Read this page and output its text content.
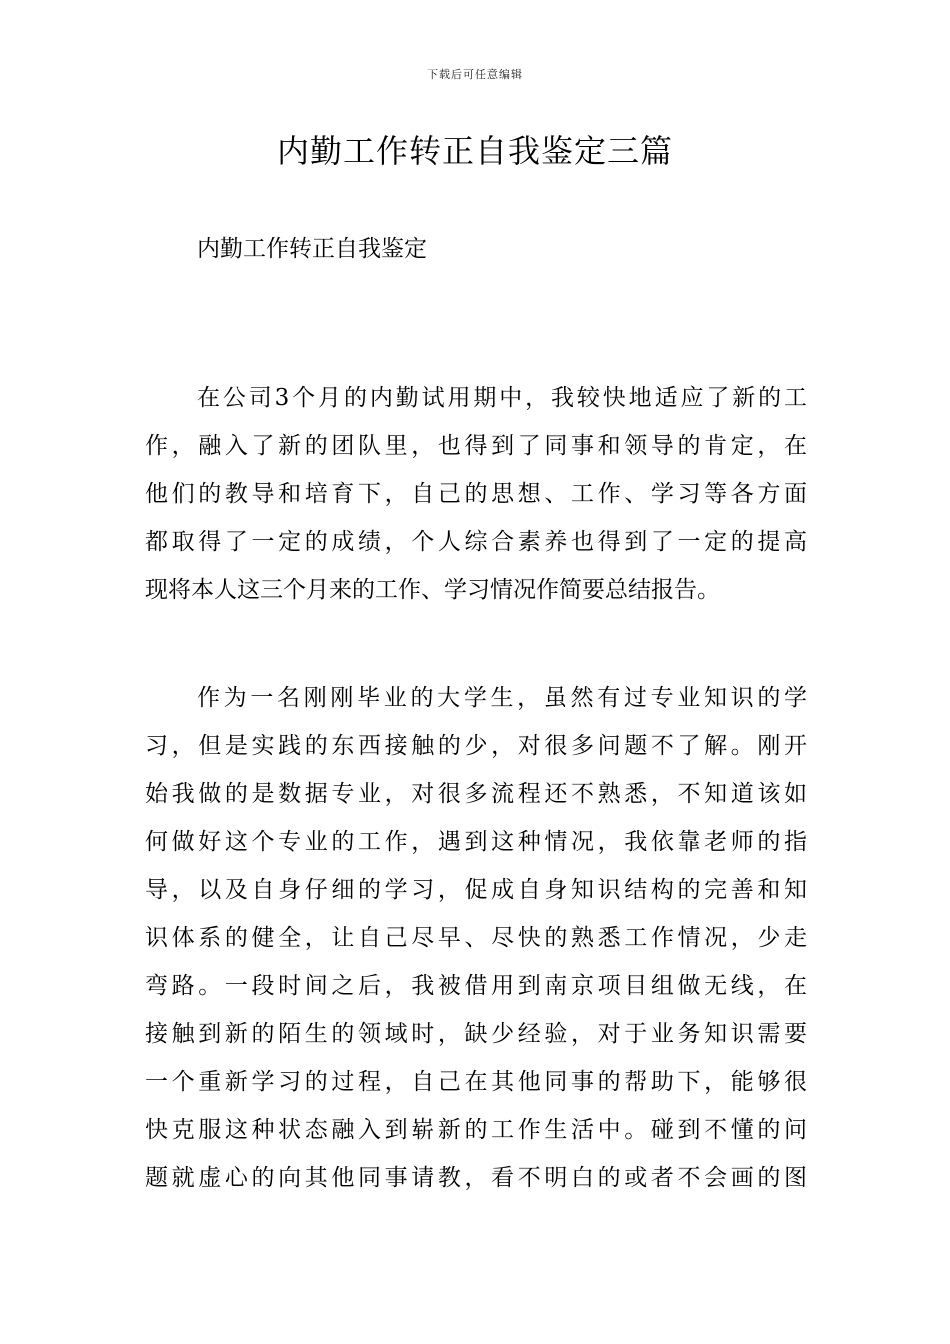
下载后可任意编辑
内勤工作转正自我鉴定三篇
内勤工作转正自我鉴定
在公司3个月的内勤试用期中，我较快地适应了新的工
作，融入了新的团队里，也得到了同事和领导的肯定，在
他们的教导和培育下，自己的思想、工作、学习等各方面
都取得了一定的成绩，个人综合素养也得到了一定的提高
现将本人这三个月来的工作、学习情况作简要总结报告。
作为一名刚刚毕业的大学生，虽然有过专业知识的学
习，但是实践的东西接触的少，对很多问题不了解。刚开
始我做的是数据专业，对很多流程还不熟悉，不知道该如
何做好这个专业的工作，遇到这种情况，我依靠老师的指
导，以及自身仔细的学习，促成自身知识结构的完善和知
识体系的健全，让自己尽早、尽快的熟悉工作情况，少走
弯路。一段时间之后，我被借用到南京项目组做无线，在
接触到新的陌生的领域时，缺少经验，对于业务知识需要
一个重新学习的过程，自己在其他同事的帮助下，能够很
快克服这种状态融入到崭新的工作生活中。碰到不懂的问
题就虚心的向其他同事请教，看不明白的或者不会画的图
